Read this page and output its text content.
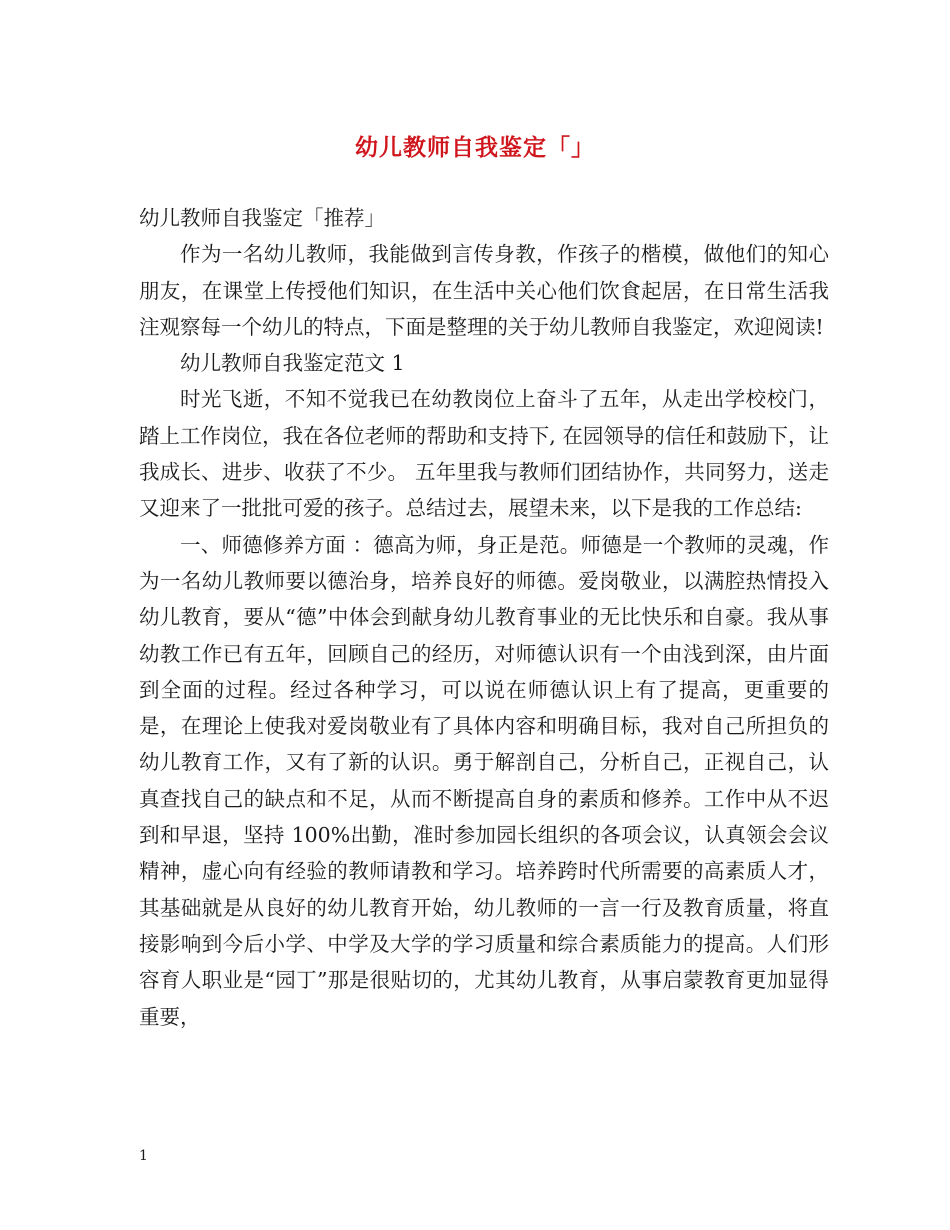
幼儿教师自我鉴定「」

幼儿教师自我鉴定「推荐」

作为一名幼儿教师，我能做到言传身教，作孩子的楷模，做他们的知心朋友，在课堂上传授他们知识，在生活中关心他们饮食起居，在日常生活我注观察每一个幼儿的特点，下面是整理的关于幼儿教师自我鉴定，欢迎阅读!

幼儿教师自我鉴定范文 1

时光飞逝，不知不觉我已在幼教岗位上奋斗了五年，从走出学校校门，踏上工作岗位，我在各位老师的帮助和支持下, 在园领导的信任和鼓励下，让我成长、进步、收获了不少。 五年里我与教师们团结协作，共同努力，送走又迎来了一批批可爱的孩子。总结过去，展望未来，以下是我的工作总结:

一、师德修养方面 ：德高为师，身正是范。师德是一个教师的灵魂，作为一名幼儿教师要以德治身，培养良好的师德。爱岗敬业，以满腔热情投入幼儿教育，要从“德”中体会到献身幼儿教育事业的无比快乐和自豪。我从事幼教工作已有五年，回顾自己的经历，对师德认识有一个由浅到深，由片面到全面的过程。经过各种学习，可以说在师德认识上有了提高，更重要的是，在理论上使我对爱岗敬业有了具体内容和明确目标，我对自己所担负的幼儿教育工作，又有了新的认识。勇于解剖自己，分析自己，正视自己，认真查找自己的缺点和不足，从而不断提高自身的素质和修养。工作中从不迟到和早退，坚持 100%出勤，准时参加园长组织的各项会议，认真领会会议精神，虚心向有经验的教师请教和学习。培养跨时代所需要的高素质人才，其基础就是从良好的幼儿教育开始，幼儿教师的一言一行及教育质量，将直接影响到今后小学、中学及大学的学习质量和综合素质能力的提高。人们形容育人职业是“园丁”那是很贴切的，尤其幼儿教育，从事启蒙教育更加显得重要，

1
